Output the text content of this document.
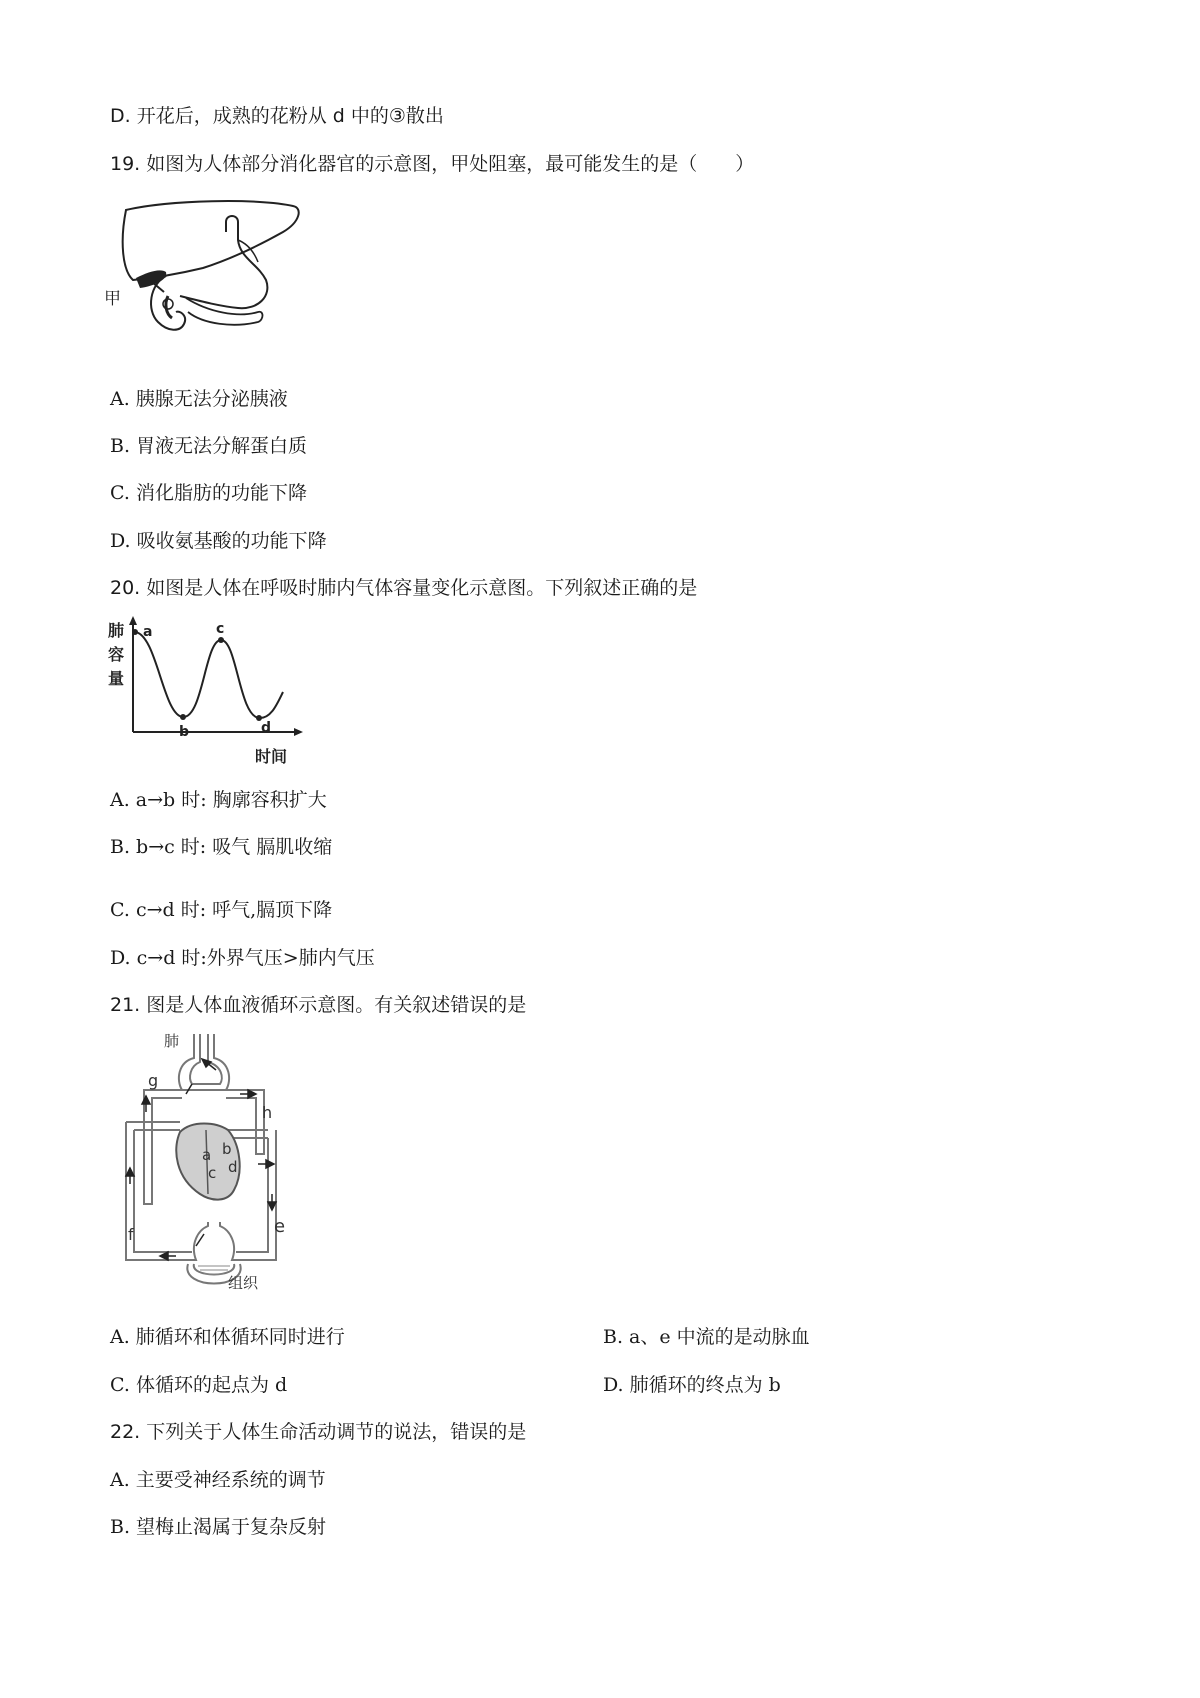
D. 开花后，成熟的花粉从 d 中的③散出
19. 如图为人体部分消化器官的示意图，甲处阻塞，最可能发生的是（　　）
甲
A. 胰腺无法分泌胰液
B. 胃液无法分解蛋白质
C. 消化脂肪的功能下降
D. 吸收氨基酸的功能下降
20. 如图是人体在呼吸时肺内气体容量变化示意图。下列叙述正确的是
肺
容
量
a
b
c
d
时间
A. a→b 时: 胸廓容积扩大
B. b→c 时: 吸气 膈肌收缩
C. c→d 时: 呼气,膈顶下降
D. c→d 时:外界气压>肺内气压
21. 图是人体血液循环示意图。有关叙述错误的是
肺
组织
a b
c d
e
f
g
h
A. 肺循环和体循环同时进行	B. a、e 中流的是动脉血
C. 体循环的起点为 d	D. 肺循环的终点为 b
22. 下列关于人体生命活动调节的说法，错误的是
A. 主要受神经系统的调节
B. 望梅止渴属于复杂反射
